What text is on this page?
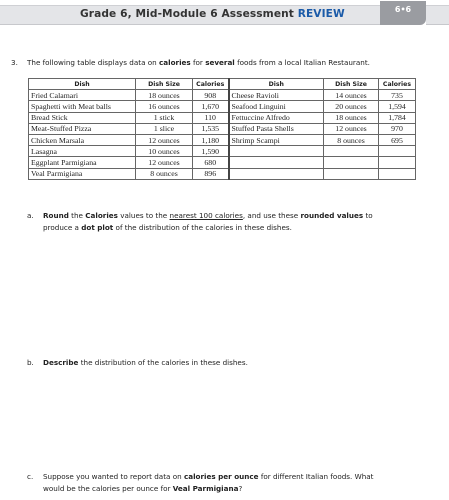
Grade 6, Mid-Module 6 Assessment REVIEW	6•6
3. The following table displays data on calories for several foods from a local Italian Restaurant.
Dish	Dish Size	Calories	Dish	Dish Size	Calories
Fried Calamari	18 ounces	908	Cheese Ravioli	14 ounces	735
Spaghetti with Meat balls	16 ounces	1,670	Seafood Linguini	20 ounces	1,594
Bread Stick	1 stick	110	Fettuccine Alfredo	18 ounces	1,784
Meat-Stuffed Pizza	1 slice	1,535	Stuffed Pasta Shells	12 ounces	970
Chicken Marsala	12 ounces	1,180	Shrimp Scampi	8 ounces	695
Lasagna	10 ounces	1,590			
Eggplant Parmigiana	12 ounces	680			
Veal Parmigiana	8 ounces	896			
a. Round the Calories values to the nearest 100 calories, and use these rounded values to
produce a dot plot of the distribution of the calories in these dishes.
b. Describe the distribution of the calories in these dishes.
c. Suppose you wanted to report data on calories per ounce for different Italian foods. What
would be the calories per ounce for Veal Parmigiana?
